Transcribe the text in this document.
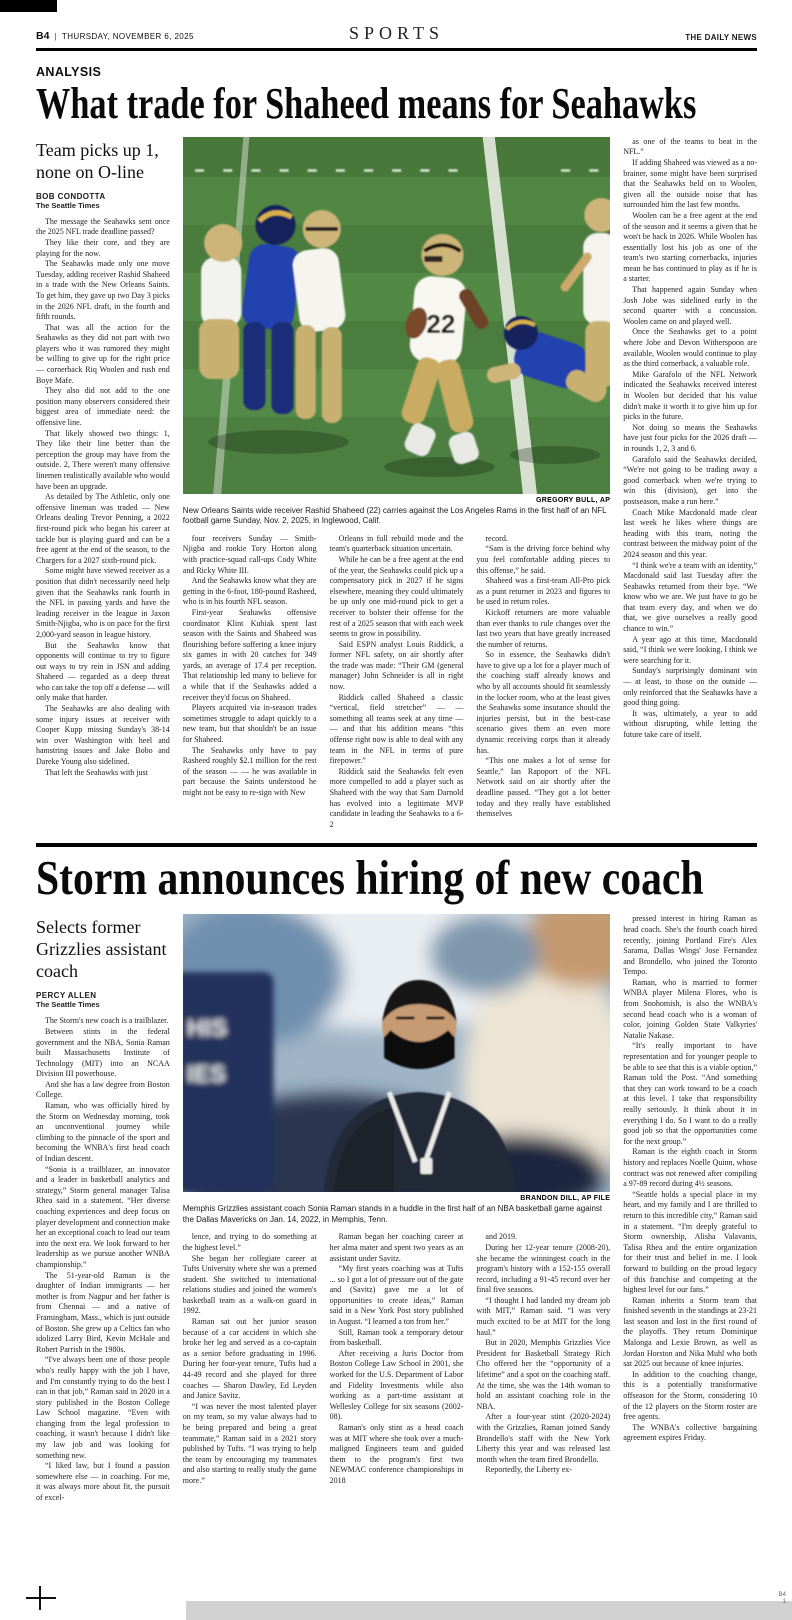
B4 | THURSDAY, NOVEMBER 6, 2025	SPORTS	THE DAILY NEWS
ANALYSIS
What trade for Shaheed means for Seahawks
Team picks up 1, none on O-line
BOB CONDOTTA
The Seattle Times

The message the Seahawks sent once the 2025 NFL trade deadline passed?

They like their core, and they are playing for the now.

The Seahawks made only one move Tuesday, adding receiver Rashid Shaheed in a trade with the New Orleans Saints. To get him, they gave up two Day 3 picks in the 2026 NFL draft, in the fourth and fifth rounds.

That was all the action for the Seahawks as they did not part with two players who it was rumored they might be willing to give up for the right price — cornerback Riq Woolen and rush end Boye Mafe.

They also did not add to the one position many observers considered their biggest area of immediate need: the offensive line.

That likely showed two things: 1, They like their line better than the perception the group may have from the outside. 2, There weren't many offensive linemen realistically available who would have been an upgrade.

As detailed by The Athletic, only one offensive lineman was traded — New Orleans dealing Trevor Penning, a 2022 first-round pick who began his career at tackle but is playing guard and can be a free agent at the end of the season, to the Chargers for a 2027 sixth-round pick.

Some might have viewed receiver as a position that didn't necessarily need help given that the Seahawks rank fourth in the NFL in passing yards and have the leading receiver in the league in Jaxon Smith-Njigba, who is on pace for the first 2,000-yard season in league history.

But the Seahawks know that opponents will continue to try to figure out ways to try rein in JSN and adding Shaheed — regarded as a deep threat who can take the top off a defense — will only make that harder.

The Seahawks are also dealing with some injury issues at receiver with Cooper Kupp missing Sunday's 38-14 win over Washington with heel and hamstring issues and Jake Bobo and Dareke Young also sidelined.

That left the Seahawks with just

22
GREGORY BULL, AP
New Orleans Saints wide receiver Rashid Shaheed (22) carries against the Los Angeles Rams in the first half of an NFL football game Sunday, Nov. 2, 2025, in Inglewood, Calif.

four receivers Sunday — Smith-Njigba and rookie Tory Horton along with practice-squad call-ups Cody White and Ricky White III.

And the Seahawks know what they are getting in the 6-foot, 180-pound Rasheed, who is in his fourth NFL season.

First-year Seahawks offensive coordinator Klint Kubiak spent last season with the Saints and Shaheed was flourishing before suffering a knee injury six games in with 20 catches for 349 yards, an average of 17.4 per reception. That relationship led many to believe for a while that if the Seahawks added a receiver they'd focus on Shaheed.

Players acquired via in-season trades sometimes struggle to adapt quickly to a new team, but that shouldn't be an issue for Shaheed.

The Seahawks only have to pay Rasheed roughly $2.1 million for the rest of the season — — he was available in part because the Saints understood he might not be easy to re-sign with New

Orleans in full rebuild mode and the team's quarterback situation uncertain.

While he can be a free agent at the end of the year, the Seahawks could pick up a compensatory pick in 2027 if he signs elsewhere, meaning they could ultimately be up only one mid-round pick to get a receiver to bolster their offense for the rest of a 2025 season that with each week seems to grow in possibility.

Said ESPN analyst Louis Riddick, a former NFL safety, on air shortly after the trade was made: “Their GM (general manager) John Schneider is all in right now.

Riddick called Shaheed a classic “vertical, field stretcher” — — something all teams seek at any time — — and that his addition means “this offense right now is able to deal with any team in the NFL in terms of pure firepower.”

Riddick said the Seahawks felt even more compelled to add a player such as Shaheed with the way that Sam Darnold has evolved into a legitimate MVP candidate in leading the Seahawks to a 6-2

record.

“Sam is the driving force behind why you feel comfortable adding pieces to this offense,” he said.

Shaheed was a first-team All-Pro pick as a punt returner in 2023 and figures to be used in return roles.

Kickoff returners are more valuable than ever thanks to rule changes over the last two years that have greatly increased the number of returns.

So in essence, the Seahawks didn't have to give up a lot for a player much of the coaching staff already knows and who by all accounts should fit seamlessly in the locker room, who at the least gives the Seahawks some insurance should the injuries persist, but in the best-case scenario gives them an even more dynamic receiving corps than it already has.

“This one makes a lot of sense for Seattle,” Ian Rapoport of the NFL Network said on air shortly after the deadline passed. “They got a lot better today and they really have established themselves

as one of the teams to beat in the NFL.”

If adding Shaheed was viewed as a no-brainer, some might have been surprised that the Seahawks held on to Woolen, given all the outside noise that has surrounded him the last few months.

Woolen can be a free agent at the end of the season and it seems a given that he won't be back in 2026. While Woolen has essentially lost his job as one of the team's two starting cornerbacks, injuries mean he has continued to play as if he is a starter.

That happened again Sunday when Josh Jobe was sidelined early in the second quarter with a concussion. Woolen came on and played well.

Once the Seahawks get to a point where Jobe and Devon Witherspoon are available, Woolen would continue to play as the third cornerback, a valuable role.

Mike Garafolo of the NFL Network indicated the Seahawks received interest in Woolen but decided that his value didn't make it worth it to give him up for picks in the future.

Not doing so means the Seahawks have just four picks for the 2026 draft — in rounds 1, 2, 3 and 6.

Garafolo said the Seahawks decided, “We're not going to be trading away a good cornerback when we're trying to win this (division), get into the postseason, make a run here.”

Coach Mike Macdonald made clear last week he likes where things are heading with this team, noting the contrast between the midway point of the 2024 season and this year.

“I think we're a team with an identity,” Macdonald said last Tuesday after the Seahawks returned from their bye. “We know who we are. We just have to go be that team every day, and when we do that, we give ourselves a really good chance to win.”

A year ago at this time, Macdonald said, “I think we were looking. I think we were searching for it.

Sunday's surprisingly dominant win — at least, to those on the outside — only reinforced that the Seahawks have a good thing going.

It was, ultimately, a year to add without disrupting, while letting the future take care of itself.

Storm announces hiring of new coach
Selects former Grizzlies assistant coach
PERCY ALLEN
The Seattle Times

The Storm's new coach is a trailblazer.

Between stints in the federal government and the NBA, Sonia Raman built Massachusetts Institute of Technology (MIT) into an NCAA Division III powerhouse.

And she has a law degree from Boston College.

Raman, who was officially hired by the Storm on Wednesday morning, took an unconventional journey while climbing to the pinnacle of the sport and becoming the WNBA's first head coach of Indian descent.

“Sonia is a trailblazer, an innovator and a leader in basketball analytics and strategy,” Storm general manager Talisa Rhea said in a statement. “Her diverse coaching experiences and deep focus on player development and connection make her an exceptional coach to lead our team into the next era. We look forward to her leadership as we pursue another WNBA championship.”

The 51-year-old Raman is the daughter of Indian immigrants — her mother is from Nagpur and her father is from Chennai — and a native of Framingham, Mass., which is just outside of Boston. She grew up a Celtics fan who idolized Larry Bird, Kevin McHale and Robert Parrish in the 1980s.

“I've always been one of those people who's really happy with the job I have, and I'm constantly trying to do the best I can in that job,” Raman said in 2020 in a story published in the Boston College Law School magazine. “Even with changing from the legal profession to coaching, it wasn't because I didn't like my law job and was looking for something new.

“I liked law, but I found a passion somewhere else — in coaching. For me, it was always more about fit, the pursuit of excel-

HIS
IES
BRANDON DILL, AP FILE
Memphis Grizzlies assistant coach Sonia Raman stands in a huddle in the first half of an NBA basketball game against the Dallas Mavericks on Jan. 14, 2022, in Memphis, Tenn.

lence, and trying to do something at the highest level.”

She began her collegiate career at Tufts University where she was a premed student. She switched to international relations studies and joined the women's basketball team as a walk-on guard in 1992.

Raman sat out her junior season because of a car accident in which she broke her leg and served as a co-captain as a senior before graduating in 1996. During her four-year tenure, Tufts had a 44-49 record and she played for three coaches — Sharon Dawley, Ed Leyden and Janice Savitz.

“I was never the most talented player on my team, so my value always had to be being prepared and being a great teammate,” Raman said in a 2021 story published by Tufts. “I was trying to help the team by encouraging my teammates and also starting to really study the game more.”

Raman began her coaching career at her alma mater and spent two years as an assistant under Savitz.

“My first years coaching was at Tufts ... so I got a lot of pressure out of the gate and (Savitz) gave me a lot of opportunities to create ideas,” Raman said in a New York Post story published in August. “I learned a ton from her.”

Still, Raman took a temporary detour from basketball.

After receiving a Juris Doctor from Boston College Law School in 2001, she worked for the U.S. Department of Labor and Fidelity Investments while also working as a part-time assistant at Wellesley College for six seasons (2002-08).

Raman's only stint as a head coach was at MIT where she took over a much-maligned Engineers team and guided them to the program's first two NEWMAC conference championships in 2018

and 2019.

During her 12-year tenure (2008-20), she became the winningest coach in the program's history with a 152-155 overall record, including a 91-45 record over her final five seasons.

“I thought I had landed my dream job with MIT,” Raman said. “I was very much excited to be at MIT for the long haul.”

But in 2020, Memphis Grizzlies Vice President for Basketball Strategy Rich Cho offered her the “opportunity of a lifetime” and a spot on the coaching staff. At the time, she was the 14th woman to hold an assistant coaching role in the NBA.

After a four-year stint (2020-2024) with the Grizzlies, Raman joined Sandy Brondello's staff with the New York Liberty this year and was released last month when the team fired Brondello.

Reportedly, the Liberty ex-

pressed interest in hiring Raman as head coach. She's the fourth coach hired recently, joining Portland Fire's Alex Sarama, Dallas Wings' Jose Fernandez and Brondello, who joined the Toronto Tempo.

Raman, who is married to former WNBA player Milena Flores, who is from Snohomish, is also the WNBA's second head coach who is a woman of color, joining Golden State Valkyries' Natalie Nakase.

“It's really important to have representation and for younger people to be able to see that this is a viable option,” Raman told the Post. “And something that they can work toward to be a coach at this level. I take that responsibility really seriously. It think about it in everything I do. So I want to do a really good job so that the opportunities come for the next group.”

Raman is the eighth coach in Storm history and replaces Noelle Quinn, whose contract was not renewed after compiling a 97-89 record during 4½ seasons.

“Seattle holds a special place in my heart, and my family and I are thrilled to return to this incredible city,” Raman said in a statement. “I'm deeply grateful to Storm ownership, Alisha Valavanis, Talisa Rhea and the entire organization for their trust and belief in me. I look forward to building on the proud legacy of this franchise and competing at the highest level for our fans.”

Raman inherits a Storm team that finished seventh in the standings at 23-21 last season and lost in the first round of the playoffs. They return Dominique Malonga and Lexie Brown, as well as Jordan Horston and Nika Muhl who both sat 2025 out because of knee injuries.

In addition to the coaching change, this is a potentially transformative offseason for the Storm, considering 10 of the 12 players on the Storm roster are free agents.

The WNBA's collective bargaining agreement expires Friday.

B4
1
